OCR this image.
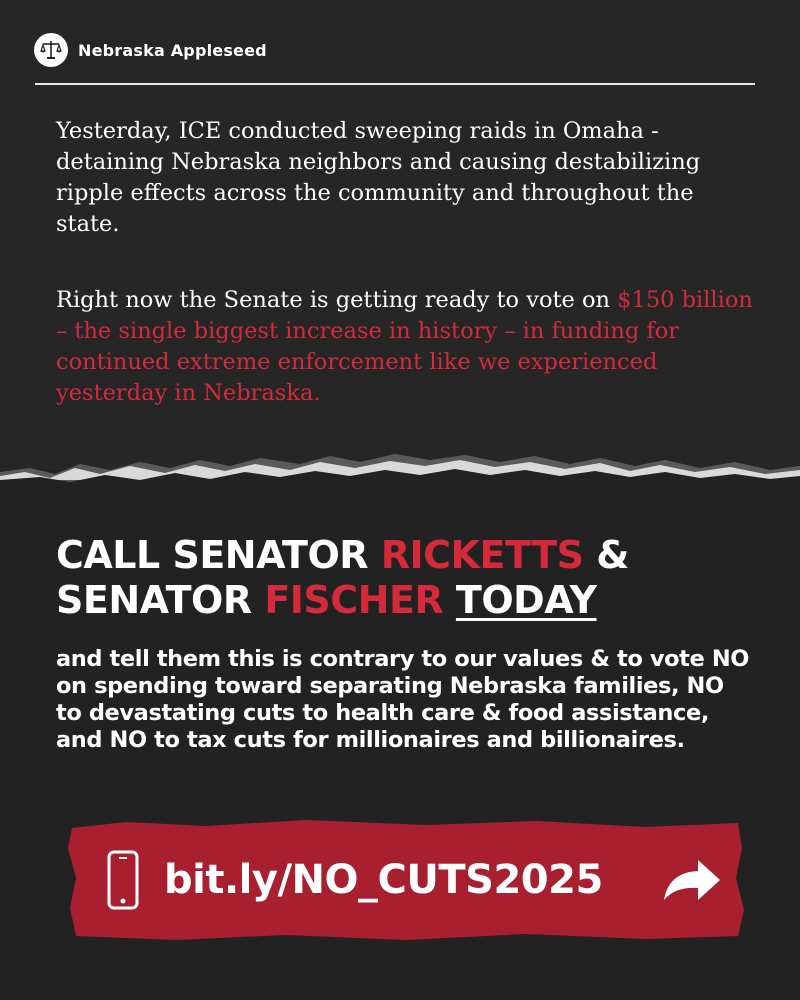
Nebraska Appleseed
Yesterday, ICE conducted sweeping raids in Omaha - detaining Nebraska neighbors and causing destabilizing ripple effects across the community and throughout the state.
Right now the Senate is getting ready to vote on $150 billion – the single biggest increase in history – in funding for continued extreme enforcement like we experienced yesterday in Nebraska.
CALL SENATOR RICKETTS & SENATOR FISCHER TODAY
and tell them this is contrary to our values & to vote NO on spending toward separating Nebraska families, NO to devastating cuts to health care & food assistance, and NO to tax cuts for millionaires and billionaires.
bit.ly/NO_CUTS2025
